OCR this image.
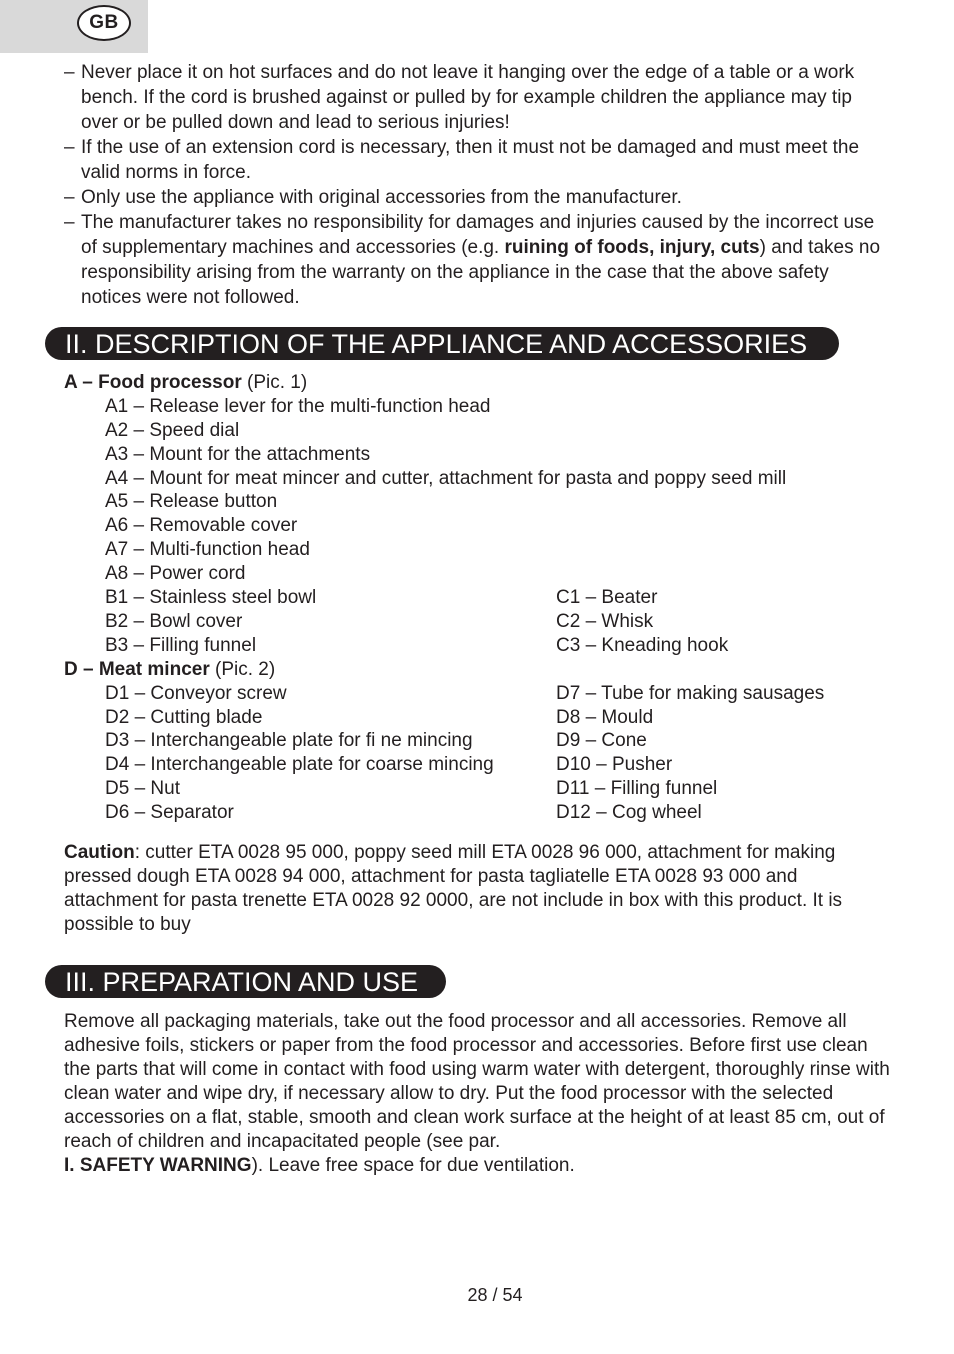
GB
– Never place it on hot surfaces and do not leave it hanging over the edge of a table or a work bench. If the cord is brushed against or pulled by for example children the appliance may tip over or be pulled down and lead to serious injuries!
– If the use of an extension cord is necessary, then it must not be damaged and must meet the valid norms in force.
– Only use the appliance with original accessories from the manufacturer.
– The manufacturer takes no responsibility for damages and injuries caused by the incorrect use of supplementary machines and accessories (e.g. ruining of foods, injury, cuts) and takes no responsibility arising from the warranty on the appliance in the case that the above safety notices were not followed.
II. DESCRIPTION OF THE APPLIANCE AND ACCESSORIES
A – Food processor (Pic. 1)
A1 – Release lever for the multi-function head
A2 – Speed dial
A3 – Mount for the attachments
A4 – Mount for meat mincer and cutter, attachment for pasta and poppy seed mill
A5 – Release button
A6 – Removable cover
A7 – Multi-function head
A8 – Power cord
B1 – Stainless steel bowl
B2 – Bowl cover
B3 – Filling funnel
C1 – Beater
C2 – Whisk
C3 – Kneading hook
D – Meat mincer (Pic. 2)
D1 – Conveyor screw
D2 – Cutting blade
D3 – Interchangeable plate for fi ne mincing
D4 – Interchangeable plate for coarse mincing
D5 – Nut
D6 – Separator
D7 – Tube for making sausages
D8 – Mould
D9 – Cone
D10 – Pusher
D11 – Filling funnel
D12 – Cog wheel
Caution: cutter ETA 0028 95 000, poppy seed mill ETA 0028 96 000, attachment for making pressed dough ETA 0028 94 000, attachment for pasta tagliatelle ETA 0028 93 000 and attachment for pasta trenette ETA 0028 92 0000, are not include in box with this product. It is possible to buy
III. PREPARATION AND USE
Remove all packaging materials, take out the food processor and all accessories. Remove all adhesive foils, stickers or paper from the food processor and accessories. Before first use clean the parts that will come in contact with food using warm water with detergent, thoroughly rinse with clean water and wipe dry, if necessary allow to dry. Put the food processor with the selected accessories on a flat, stable, smooth and clean work surface at the height of at least 85 cm, out of reach of children and incapacitated people (see par.
I. SAFETY WARNING). Leave free space for due ventilation.
28 / 54
